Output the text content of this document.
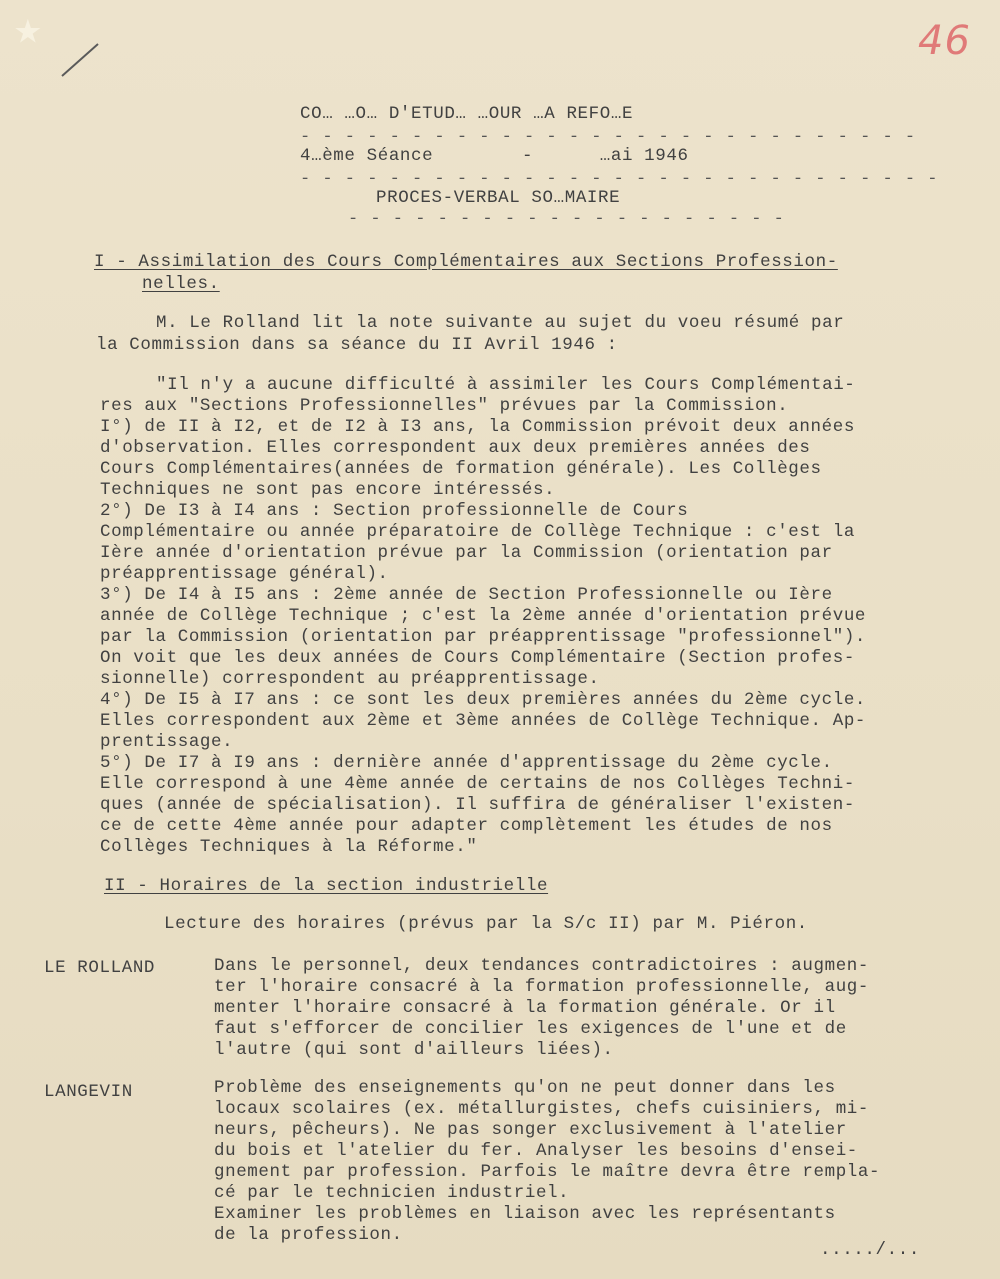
★	46
CO… …O… D'ETUD… …OUR …A REFO…E
- - - - - - - - - - - - - - - - - - - - - - - - - - - -
4…ème Séance        -      …ai 1946
- - - - - - - - - - - - - - - - - - - - - - - - - - - - -
PROCES-VERBAL SO…MAIRE
- - - - - - - - - - - - - - - - - - - -
I - Assimilation des Cours Complémentaires aux Sections Profession-
nelles.
M. Le Rolland lit la note suivante au sujet du voeu résumé par
la Commission dans sa séance du II Avril 1946 :
"Il n'y a aucune difficulté à assimiler les Cours Complémentai-
res aux "Sections Professionnelles" prévues par la Commission.
I°) de II à I2, et de I2 à I3 ans, la Commission prévoit deux années
d'observation. Elles correspondent aux deux premières années des
Cours Complémentaires(années de formation générale). Les Collèges
Techniques ne sont pas encore intéressés.
2°) De I3 à I4 ans : Section professionnelle de Cours
Complémentaire ou année préparatoire de Collège Technique : c'est la
Ière année d'orientation prévue par la Commission (orientation par
préapprentissage général).
3°) De I4 à I5 ans : 2ème année de Section Professionnelle ou Ière
année de Collège Technique ; c'est la 2ème année d'orientation prévue
par la Commission (orientation par préapprentissage "professionnel").
On voit que les deux années de Cours Complémentaire (Section profes-
sionnelle) correspondent au préapprentissage.
4°) De I5 à I7 ans : ce sont les deux premières années du 2ème cycle.
Elles correspondent aux 2ème et 3ème années de Collège Technique. Ap-
prentissage.
5°) De I7 à I9 ans : dernière année d'apprentissage du 2ème cycle.
Elle correspond à une 4ème année de certains de nos Collèges Techni-
ques (année de spécialisation). Il suffira de généraliser l'existen-
ce de cette 4ème année pour adapter complètement les études de nos
Collèges Techniques à la Réforme."
II - Horaires de la section industrielle
Lecture des horaires (prévus par la S/c II) par M. Piéron.
LE ROLLAND	Dans le personnel, deux tendances contradictoires : augmen-
ter l'horaire consacré à la formation professionnelle, aug-
menter l'horaire consacré à la formation générale. Or il
faut s'efforcer de concilier les exigences de l'une et de
l'autre (qui sont d'ailleurs liées).
LANGEVIN	Problème des enseignements qu'on ne peut donner dans les
locaux scolaires (ex. métallurgistes, chefs cuisiniers, mi-
neurs, pêcheurs). Ne pas songer exclusivement à l'atelier
du bois et l'atelier du fer. Analyser les besoins d'ensei-
gnement par profession. Parfois le maître devra être rempla-
cé par le technicien industriel.
Examiner les problèmes en liaison avec les représentants
de la profession.
...../...
